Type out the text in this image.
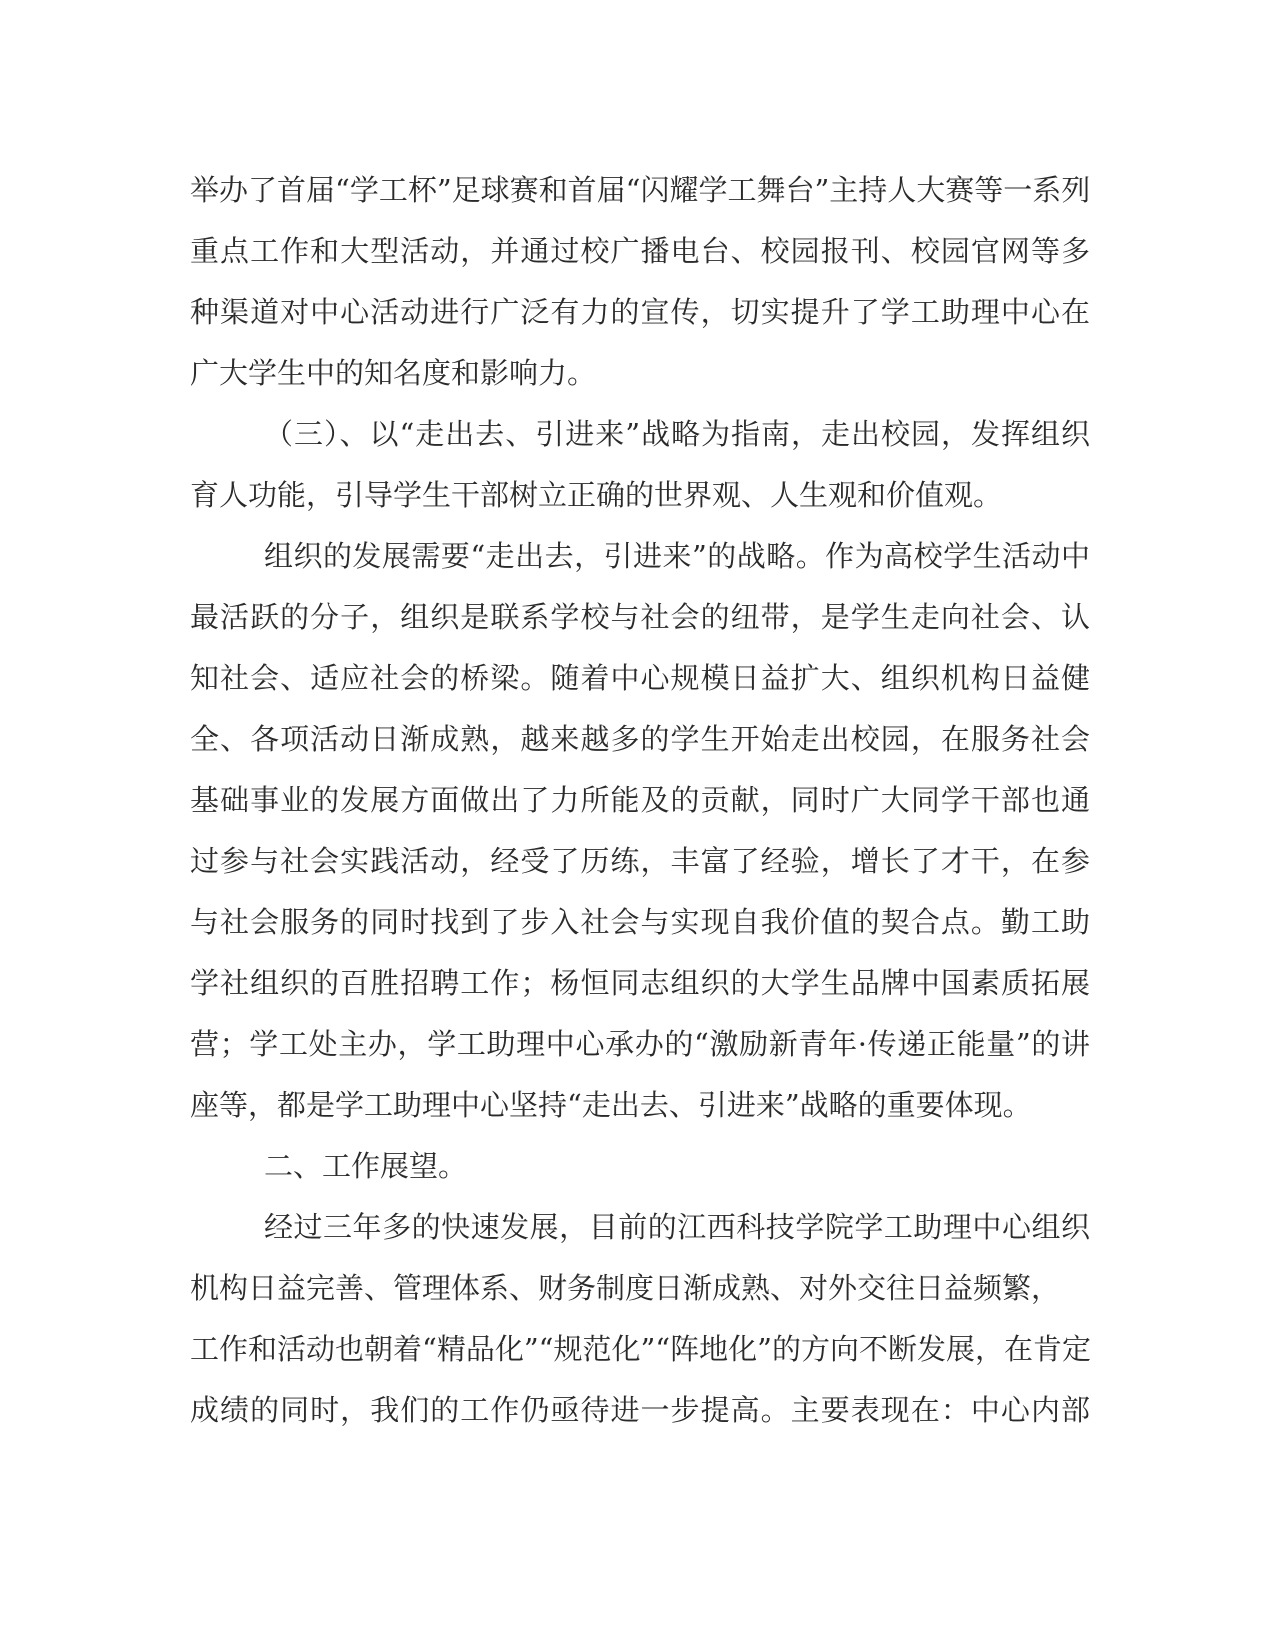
举办了首届“学工杯”足球赛和首届“闪耀学工舞台”主持人大赛等一系列
重点工作和大型活动，并通过校广播电台、校园报刊、校园官网等多
种渠道对中心活动进行广泛有力的宣传，切实提升了学工助理中心在
广大学生中的知名度和影响力。
（三）、以“走出去、引进来”战略为指南，走出校园，发挥组织
育人功能，引导学生干部树立正确的世界观、人生观和价值观。
组织的发展需要“走出去，引进来”的战略。作为高校学生活动中
最活跃的分子，组织是联系学校与社会的纽带，是学生走向社会、认
知社会、适应社会的桥梁。随着中心规模日益扩大、组织机构日益健
全、各项活动日渐成熟，越来越多的学生开始走出校园，在服务社会
基础事业的发展方面做出了力所能及的贡献，同时广大同学干部也通
过参与社会实践活动，经受了历练，丰富了经验，增长了才干，在参
与社会服务的同时找到了步入社会与实现自我价值的契合点。勤工助
学社组织的百胜招聘工作；杨恒同志组织的大学生品牌中国素质拓展
营；学工处主办，学工助理中心承办的“激励新青年·传递正能量”的讲
座等，都是学工助理中心坚持“走出去、引进来”战略的重要体现。
二、工作展望。
经过三年多的快速发展，目前的江西科技学院学工助理中心组织
机构日益完善、管理体系、财务制度日渐成熟、对外交往日益频繁，
工作和活动也朝着“精品化”“规范化”“阵地化”的方向不断发展，在肯定
成绩的同时，我们的工作仍亟待进一步提高。主要表现在：中心内部
